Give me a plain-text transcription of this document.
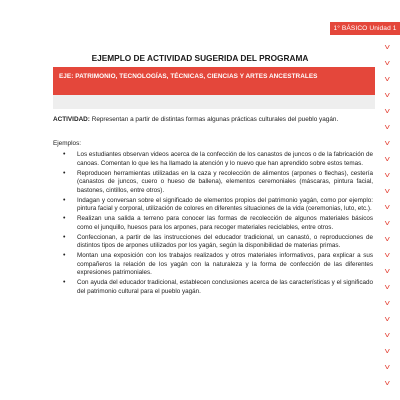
1° BÁSICO Unidad 1
˅
˅
˅
˅
˅
˅
˅
˅
˅
˅
˅
˅
˅
˅
˅
˅
˅
˅
˅
˅
˅
˅
EJEMPLO DE ACTIVIDAD SUGERIDA DEL PROGRAMA
EJE: PATRIMONIO, TECNOLOGÍAS, TÉCNICAS, CIENCIAS Y ARTES ANCESTRALES
ACTIVIDAD: Representan a partir de distintas formas algunas prácticas culturales del pueblo yagán.
Ejemplos:
• Los estudiantes observan videos acerca de la confección de los canastos de juncos o de la fabricación de canoas. Comentan lo que les ha llamado la atención y lo nuevo que han aprendido sobre estos temas.
• Reproducen herramientas utilizadas en la caza y recolección de alimentos (arpones o flechas), cestería (canastos de juncos, cuero o hueso de ballena), elementos ceremoniales (máscaras, pintura facial, bastones, cintillos, entre otros).
• Indagan y conversan sobre el significado de elementos propios del patrimonio yagán, como por ejemplo: pintura facial y corporal, utilización de colores en diferentes situaciones de la vida (ceremonias, luto, etc.).
• Realizan una salida a terreno para conocer las formas de recolección de algunos materiales básicos como el junquillo, huesos para los arpones, para recoger materiales reciclables, entre otros.
• Confeccionan, a partir de las instrucciones del educador tradicional, un canastó, o reproducciones de distintos tipos de arpones utilizados por los yagán, según la disponibilidad de materias primas.
• Montan una exposición con los trabajos realizados y otros materiales informativos, para explicar a sus compañeros la relación de los yagán con la naturaleza y la forma de confección de las diferentes expresiones patrimoniales.
• Con ayuda del educador tradicional, establecen conclusiones acerca de las características y el significado del patrimonio cultural para el pueblo yagán.
